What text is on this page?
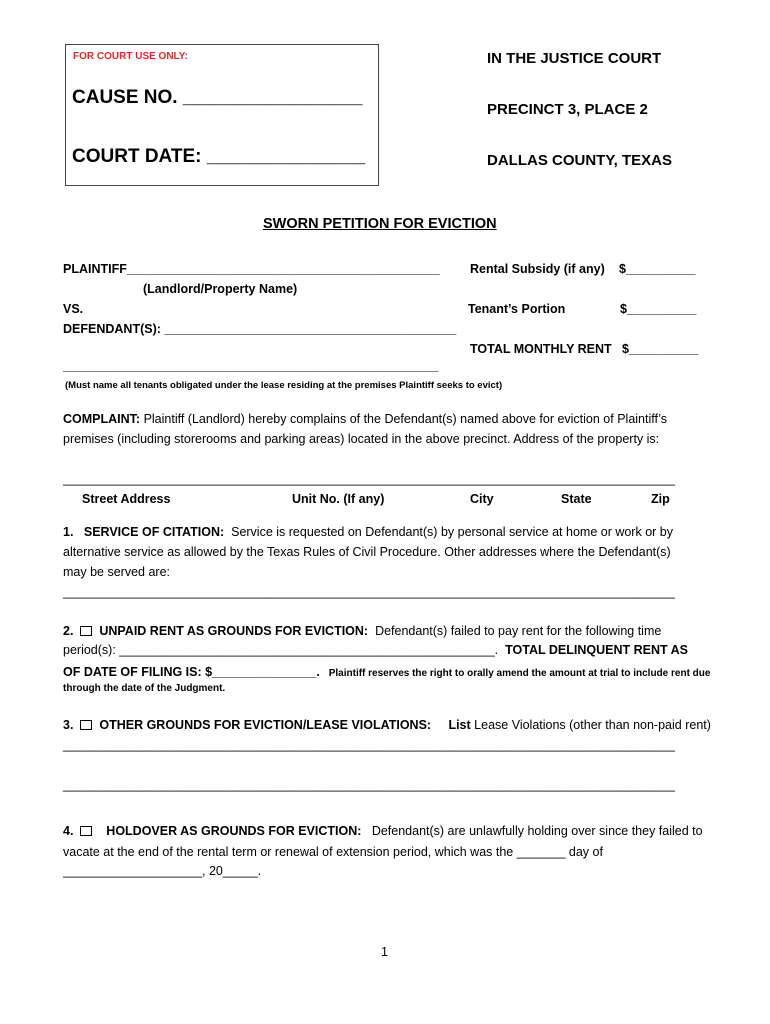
FOR COURT USE ONLY:
CAUSE NO. _________________
COURT DATE: _______________
IN THE JUSTICE COURT
PRECINCT 3, PLACE 2
DALLAS COUNTY, TEXAS
SWORN PETITION FOR EVICTION
PLAINTIFF_____________________________________________
(Landlord/Property Name)
VS.
DEFENDANT(S): __________________________________________
______________________________________________________
(Must name all tenants obligated under the lease residing at the premises Plaintiff seeks to evict)
Rental Subsidy (if any) $__________
Tenant’s Portion	$__________
TOTAL MONTHLY RENT $__________
COMPLAINT: Plaintiff (Landlord) hereby complains of the Defendant(s) named above for eviction of Plaintiff’s
premises (including storerooms and parking areas) located in the above precinct. Address of the property is:
________________________________________________________________________________________
Street Address	Unit No. (If any)	City	State	Zip
1. SERVICE OF CITATION: Service is requested on Defendant(s) by personal service at home or work or by
alternative service as allowed by the Texas Rules of Civil Procedure. Other addresses where the Defendant(s)
may be served are:
________________________________________________________________________________________
2. UNPAID RENT AS GROUNDS FOR EVICTION: Defendant(s) failed to pay rent for the following time
period(s): ______________________________________________________. TOTAL DELINQUENT RENT AS
OF DATE OF FILING IS: $_______________. Plaintiff reserves the right to orally amend the amount at trial to include rent due
through the date of the Judgment.
3. OTHER GROUNDS FOR EVICTION/LEASE VIOLATIONS: List Lease Violations (other than non-paid rent)
________________________________________________________________________________________
________________________________________________________________________________________
4.	HOLDOVER AS GROUNDS FOR EVICTION: Defendant(s) are unlawfully holding over since they failed to
vacate at the end of the rental term or renewal of extension period, which was the _______ day of
____________________, 20_____.
1
